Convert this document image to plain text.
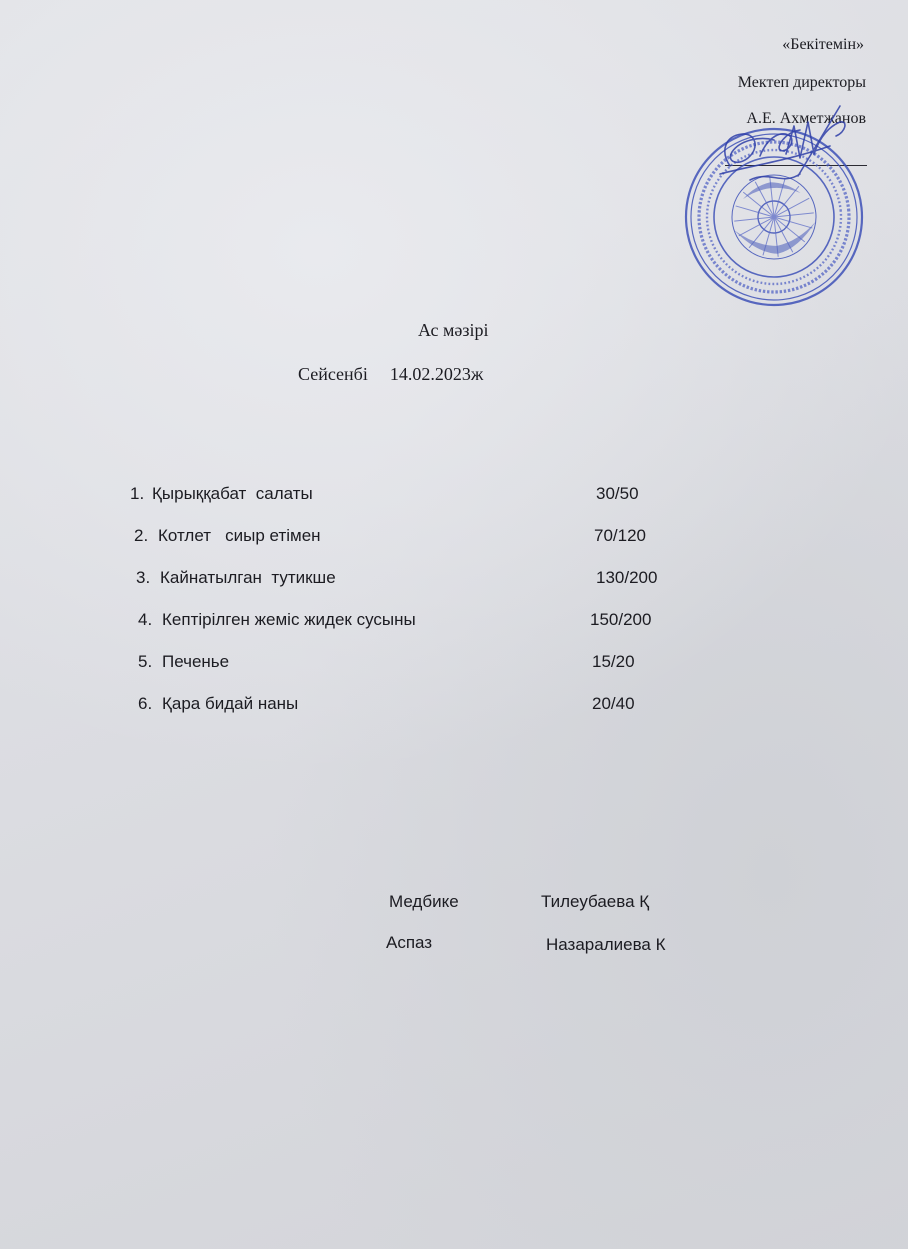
«Бекітемін»
Мектеп директоры
А.Е. Ахметжанов
Ас мәзірі
Сейсенбі 14.02.2023ж
1. Қырыққабат  салаты	30/50
2. Котлет   сиыр етімен	70/120
3. Кайнатылган  тутикше	130/200
4. Кептірілген жеміс жидек сусыны	150/200
5. Печенье	15/20
6. Қара бидай наны	20/40
Медбике	Тилеубаева Қ
Аспаз	Назаралиева К
